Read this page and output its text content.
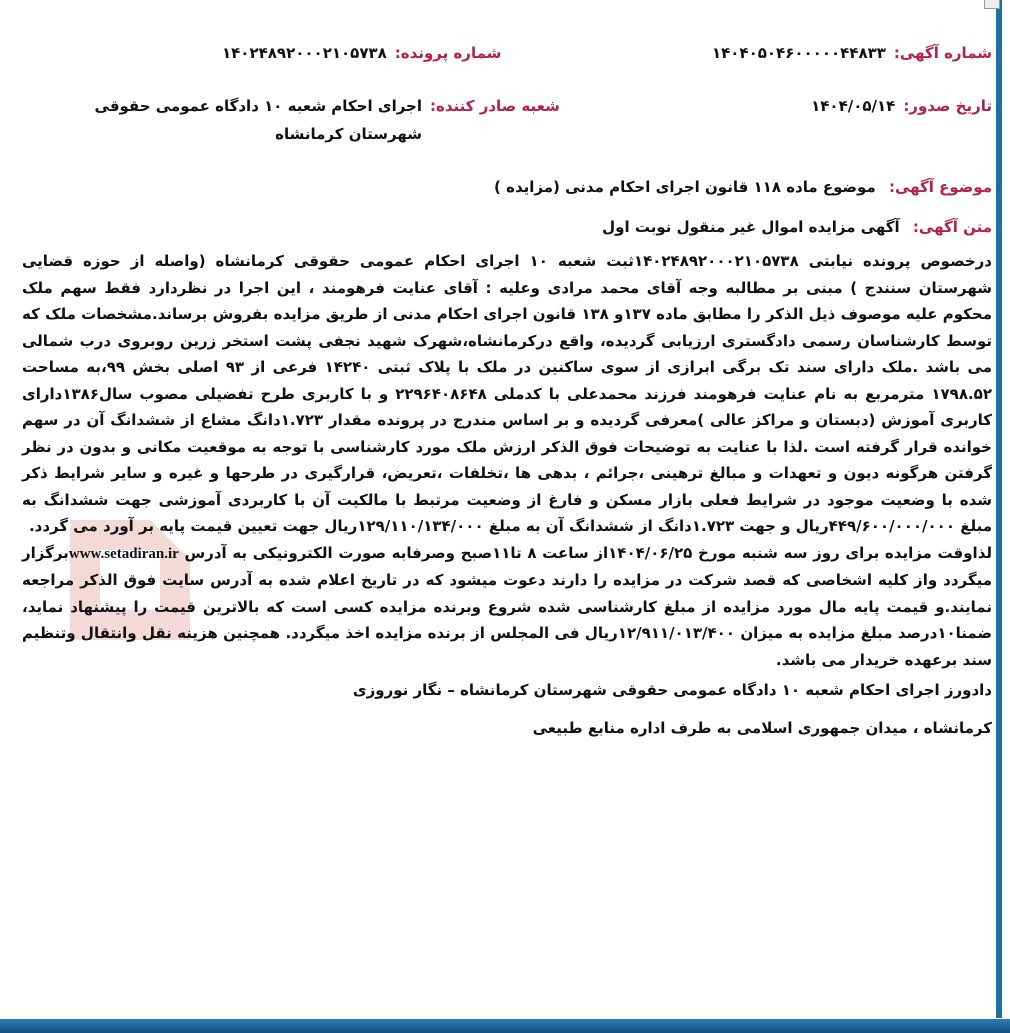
شماره آگهی:
۱۴۰۴۰۵۰۴۶۰۰۰۰۰۴۴۸۳۳
شماره پرونده:
۱۴۰۲۴۸۹۲۰۰۰۲۱۰۵۷۳۸
تاریخ صدور:
۱۴۰۴/۰۵/۱۴
شعبه صادر کننده:
اجرای احکام شعبه ۱۰ دادگاه عمومی حقوقی شهرستان کرمانشاه
موضوع آگهی: موضوع ماده ۱۱۸ قانون اجرای احکام مدنی (مزایده )
متن آگهی: آگهی مزایده اموال غیر منقول نوبت اول

درخصوص پرونده نیابتی ۱۴۰۲۴۸۹۲۰۰۰۲۱۰۵۷۳۸ثبت شعبه ۱۰ اجرای احکام عمومی حقوقی کرمانشاه (واصله از حوزه قضایی شهرستان سنندج ) مبنی بر مطالبه وجه آقای محمد مرادی وعلیه : آقای عنایت فرهومند ، این اجرا در نظردارد فقط سهم ملک محکوم علیه موصوف ذیل الذکر را مطابق ماده ۱۳۷و ۱۳۸ قانون اجرای احکام مدنی از طریق مزایده بفروش برساند.مشخصات ملک که توسط کارشناسان رسمی دادگستری ارزیابی گردیده، واقع درکرمانشاه،شهرک شهید نجفی پشت استخر زرین روبروی درب شمالی می باشد .ملک دارای سند تک برگی ابرازی از سوی ساکنین در ملک با پلاک ثبتی ۱۴۲۴۰ فرعی از ۹۳ اصلی بخش ۹۹،به مساحت ۱۷۹۸.۵۲ مترمربع به نام عنایت فرهومند فرزند محمدعلی با کدملی ۲۲۹۶۴۰۸۶۴۸ و با کاربری طرح تفضیلی مصوب سال۱۳۸۶دارای کاربری آموزش (دبستان و مراکز عالی )معرفی گردیده و بر اساس مندرج در پرونده مقدار ۱.۷۲۳دانگ مشاع از ششدانگ آن در سهم خوانده قرار گرفته است .لذا با عنایت به توضیحات فوق الذکر ارزش ملک مورد کارشناسی با توجه به موقعیت مکانی و بدون در نظر گرفتن هرگونه دیون و تعهدات و مبالغ ترهینی ،جرائم ، بدهی ها ،تخلفات ،تعریض، قرارگیری در طرحها و غیره و سایر شرایط ذکر شده با وضعیت موجود در شرایط فعلی بازار مسکن و فارغ از وضعیت مرتبط با مالکیت آن با کاربردی آموزشی جهت ششدانگ به مبلغ ۴۴۹/۶۰۰/۰۰۰/۰۰۰ریال و جهت ۱.۷۲۳دانگ از ششدانگ آن به مبلغ ۱۲۹/۱۱۰/۱۳۴/۰۰۰ریال جهت تعیین قیمت پایه بر آورد می گردد.

لذاوقت مزایده برای روز سه شنبه مورخ ۱۴۰۴/۰۶/۲۵از ساعت ۸ تا۱۱صبح وصرفابه صورت الکترونیکی به آدرس www.setadiran.irبرگزار میگردد واز کلیه اشخاصی که قصد شرکت در مزایده را دارند دعوت میشود که در تاریخ اعلام شده به آدرس سایت فوق الذکر مراجعه نمایند.و قیمت پایه مال مورد مزایده از مبلغ کارشناسی شده شروع وبرنده مزایده کسی است که بالاترین قیمت را پیشنهاد نماید، ضمنا۱۰درصد مبلغ مزایده به میزان ۱۲/۹۱۱/۰۱۳/۴۰۰ریال فی المجلس از برنده مزایده اخذ میگردد. همچنین هزینه نقل وانتقال وتنظیم سند برعهده خریدار می باشد.

دادورز اجرای احکام شعبه ۱۰ دادگاه عمومی حقوقی شهرستان کرمانشاه – نگار نوروزی
کرمانشاه ، میدان جمهوری اسلامی به طرف اداره منابع طبیعی
